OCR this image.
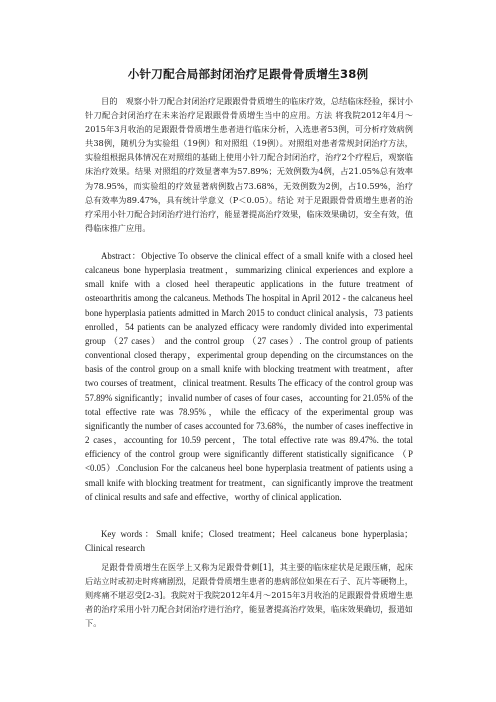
小针刀配合局部封闭治疗足跟骨骨质增生38例
目的　观察小针刀配合封闭治疗足跟跟骨骨质增生的临床疗效，总结临床经验，探讨小针刀配合封闭治疗在未来治疗足跟跟骨骨质增生当中的应用。方法 将我院2012年4月～2015年3月收治的足跟跟骨骨质增生患者进行临床分析，入选患者53例，可分析疗效病例共38例，随机分为实验组（19例）和对照组（19例）。对照组对患者常规封闭治疗方法，实验组根据具体情况在对照组的基础上使用小针刀配合封闭治疗，治疗2个疗程后，观察临床治疗效果。结果 对照组的疗效显著率为57.89%；无效例数为4例，占21.05%总有效率为78.95%，而实验组的疗效显著病例数占73.68%，无效例数为2例，占10.59%，治疗总有效率为89.47%，具有统计学意义（P＜0.05）。结论 对于足跟跟骨骨质增生患者的治疗采用小针刀配合封闭治疗进行治疗，能显著提高治疗效果，临床效果确切，安全有效，值得临床推广应用。
Abstract：Objective To observe the clinical effect of a small knife with a closed heel calcaneus bone hyperplasia treatment，summarizing clinical experiences and explore a small knife with a closed heel therapeutic applications in the future treatment of osteoarthritis among the calcaneus. Methods The hospital in April 2012 - the calcaneus heel bone hyperplasia patients admitted in March 2015 to conduct clinical analysis，73 patients enrolled，54 patients can be analyzed efficacy were randomly divided into experimental group （27 cases） and the control group （27 cases）. The control group of patients conventional closed therapy，experimental group depending on the circumstances on the basis of the control group on a small knife with blocking treatment with treatment，after two courses of treatment，clinical treatment. Results The efficacy of the control group was 57.89% significantly；invalid number of cases of four cases，accounting for 21.05% of the total effective rate was 78.95%，while the efficacy of the experimental group was significantly the number of cases accounted for 73.68%，the number of cases ineffective in 2 cases，accounting for 10.59 percent，The total effective rate was 89.47%. the total efficiency of the control group were significantly different statistically significance （P <0.05）.Conclusion For the calcaneus heel bone hyperplasia treatment of patients using a small knife with blocking treatment for treatment，can significantly improve the treatment of clinical results and safe and effective，worthy of clinical application.
Key words：Small knife；Closed treatment；Heel calcaneus bone hyperplasia；Clinical research
足跟骨骨质增生在医学上又称为足跟骨骨刺[1]，其主要的临床症状是足跟压痛，起床后站立时或初走时疼痛剧烈，足跟骨骨质增生患者的患病部位如果在石子、瓦片等硬物上，则疼痛不堪忍受[2-3]。我院对于我院2012年4月～2015年3月收治的足跟跟骨骨质增生患者的治疗采用小针刀配合封闭治疗进行治疗，能显著提高治疗效果，临床效果确切，报道如下。
